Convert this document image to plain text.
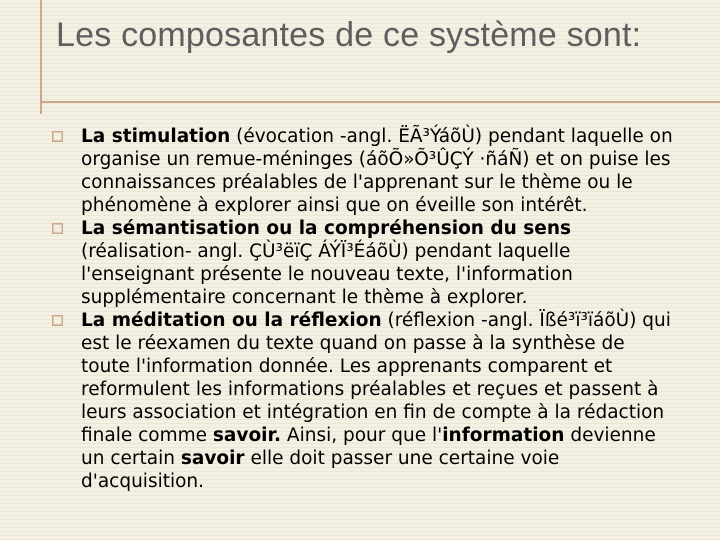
Les composantes de ce système sont:

La stimulation (évocation -angl. ËÃ³ÝáõÙ) pendant laquelle on organise un remue-méninges (áõÕ»Õ³ÛÇÝ ·ñáÑ) et on puise les connaissances préalables de l'apprenant sur le thème ou le phénomène à explorer ainsi que on éveille son intérêt.

La sémantisation ou la compréhension du sens (réalisation- angl. ÇÙ³ëïÇ ÁÝÏ³ÉáõÙ) pendant laquelle l'enseignant présente le nouveau texte, l'information supplémentaire concernant le thème à explorer.

La méditation ou la réflexion (réflexion -angl. Ïßé³ï³ïáõÙ) qui est le réexamen du texte quand on passe à la synthèse de toute l'information donnée. Les apprenants comparent et reformulent les informations préalables et reçues et passent à leurs association et intégration en fin de compte à la rédaction finale comme savoir. Ainsi, pour que l'information devienne un certain savoir elle doit passer une certaine voie d'acquisition.
